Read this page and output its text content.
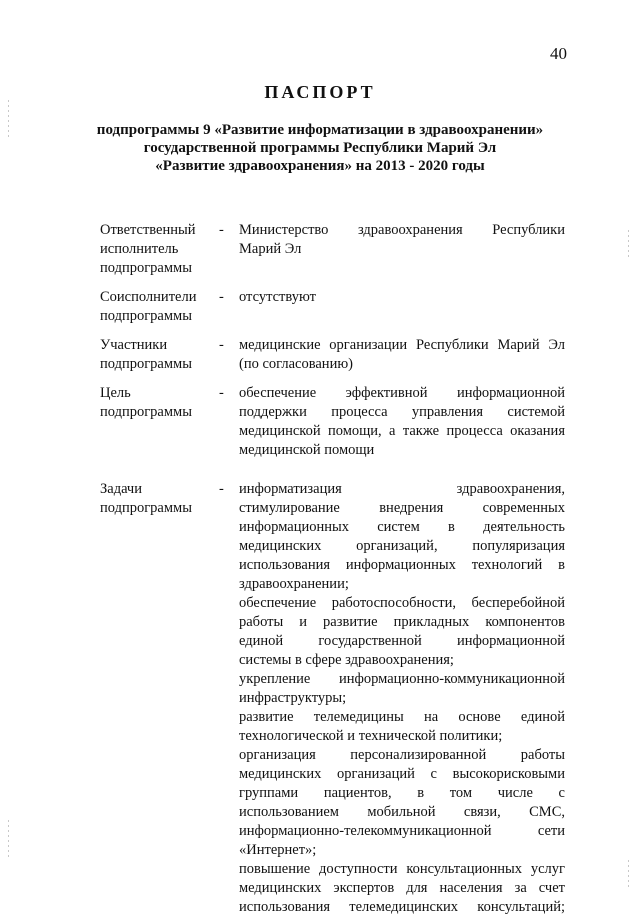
40
ПАСПОРТ
подпрограммы 9 «Развитие информатизации в здравоохранении»
государственной программы Республики Марий Эл
«Развитие здравоохранения» на 2013 - 2020 годы
Ответственный
исполнитель
подпрограммы
- Министерство здравоохранения Республики
Марий Эл
Соисполнители
подпрограммы
- отсутствуют
Участники
подпрограммы
- медицинские организации Республики Марий Эл
(по согласованию)
Цель
подпрограммы
- обеспечение эффективной информационной
поддержки процесса управления системой
медицинской помощи, а также процесса оказания
медицинской помощи
Задачи
подпрограммы
- информатизация здравоохранения,
стимулирование внедрения современных
информационных систем в деятельность
медицинских организаций, популяризация
использования информационных технологий в
здравоохранении;
обеспечение работоспособности, бесперебойной
работы и развитие прикладных компонентов
единой государственной информационной
системы в сфере здравоохранения;
укрепление информационно-коммуникационной
инфраструктуры;
развитие телемедицины на основе единой
технологической и технической политики;
организация персонализированной работы
медицинских организаций с высокорисковыми
группами пациентов, в том числе с
использованием мобильной связи, СМС,
информационно-телекоммуникационной сети
«Интернет»;
повышение доступности консультационных услуг
медицинских экспертов для населения за счет
использования телемедицинских консультаций;
